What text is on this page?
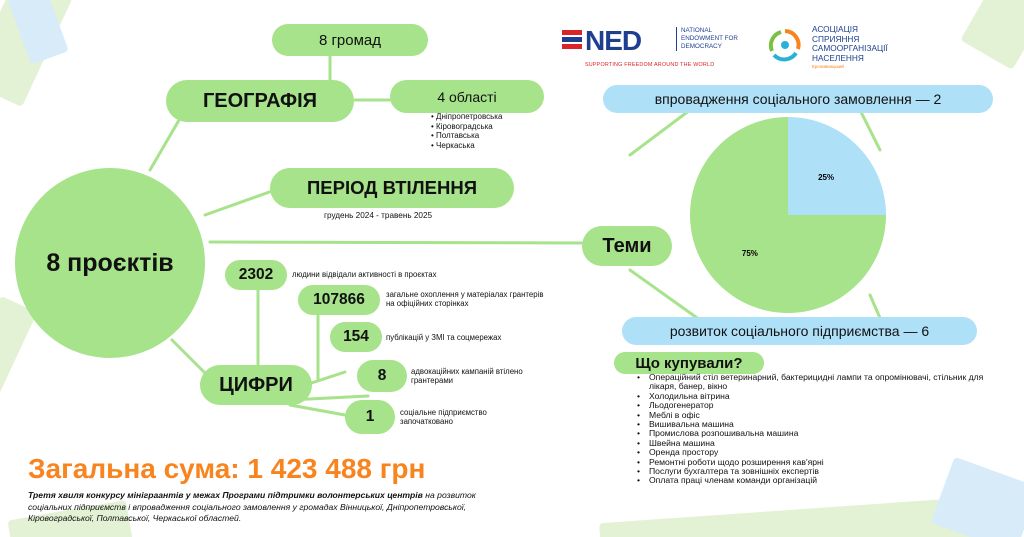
NED	NATIONAL ENDOWMENT FOR DEMOCRACY
SUPPORTING FREEDOM AROUND THE WORLD
АСОЦІАЦІЯ СПРИЯННЯ САМООРГАНІЗАЦІЇ НАСЕЛЕННЯ
Кропивницький
8 громад
ГЕОГРАФІЯ	4 області
• Дніпропетровська
• Кіровоградська
• Полтавська
• Черкаська
ПЕРІОД ВТІЛЕННЯ
грудень 2024 - травень 2025
8 проєктів
ЦИФРИ
2302 людини відвідали активності в проєктах
107866	загальне охоплення у матеріалах грантерів на офіційних сторінках
154 публікацій у ЗМІ та соцмережах
8	адвокаційних кампаній втілено грантерами
1	соціальне підприємство започатковано
впровадження соціального замовлення — 2
Теми
25%
75%
розвиток соціального підприємства — 6
Що купували?
• Операційний стіл ветеринарний, бактерицидні лампи та опромінювачі, стільник для лікаря, банер, вікно
• Холодильна вітрина
• Льодогенератор
• Меблі в офіс
• Вишивальна машина
• Промислова розпошивальна машина
• Швейна машина
• Оренда простору
• Ремонтні роботи щодо розширення кав'ярні
• Послуги бухгалтера та зовнішніх експертів
• Оплата праці членам команди організацій
Загальна сума: 1 423 488 грн
Третя хвиля конкурсу мініграантів у межах Програми підтримки волонтерських центрів на розвиток соціальних підприємств і впровадження соціального замовлення у громадах Вінницької, Дніпропетровської, Кіровоградської, Полтавської, Черкаської областей.
